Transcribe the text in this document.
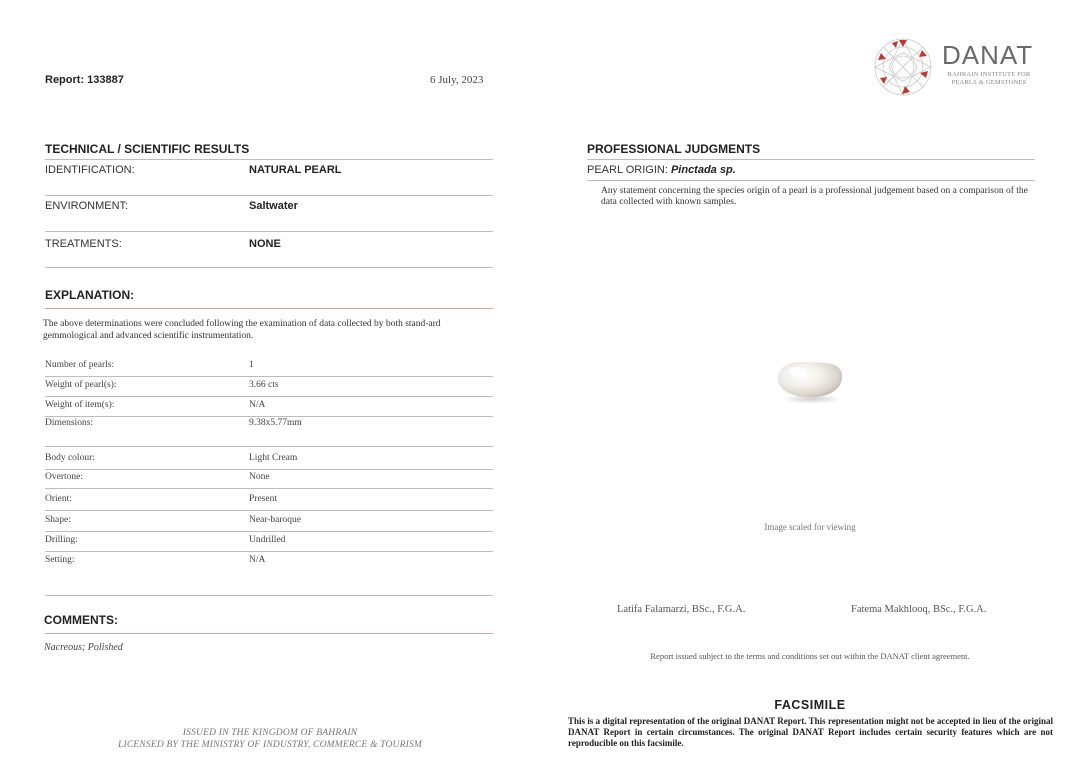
Report: 133887	6 July, 2023
DANAT
BAHRAIN INSTITUTE FOR PEARLS & GEMSTONES
TECHNICAL / SCIENTIFIC RESULTS
IDENTIFICATION:	NATURAL PEARL
ENVIRONMENT:	Saltwater
TREATMENTS:	NONE
EXPLANATION:
The above determinations were concluded following the examination of data collected by both stand-ard gemmological and advanced scientific instrumentation.
Number of pearls:	1
Weight of pearl(s):	3.66 cts
Weight of item(s):	N/A
Dimensions:	9.38x5.77mm
Body colour:	Light Cream
Overtone:	None
Orient:	Present
Shape:	Near-baroque
Drilling:	Undrilled
Setting:	N/A
COMMENTS:
Nacreous; Polished
ISSUED IN THE KINGDOM OF BAHRAIN
LICENSED BY THE MINISTRY OF INDUSTRY, COMMERCE & TOURISM
PROFESSIONAL JUDGMENTS
PEARL ORIGIN: Pinctada sp.
Any statement concerning the species origin of a pearl is a professional judgement based on a comparison of the data collected with known samples.
Image scaled for viewing
Latifa Falamarzi, BSc., F.G.A.	Fatema Makhlooq, BSc., F.G.A.
Report issued subject to the terms and conditions set out within the DANAT client agreement.
FACSIMILE
This is a digital representation of the original DANAT Report. This representation might not be accepted in lieu of the original DANAT Report in certain circumstances. The original DANAT Report includes certain security features which are not reproducible on this facsimile.
